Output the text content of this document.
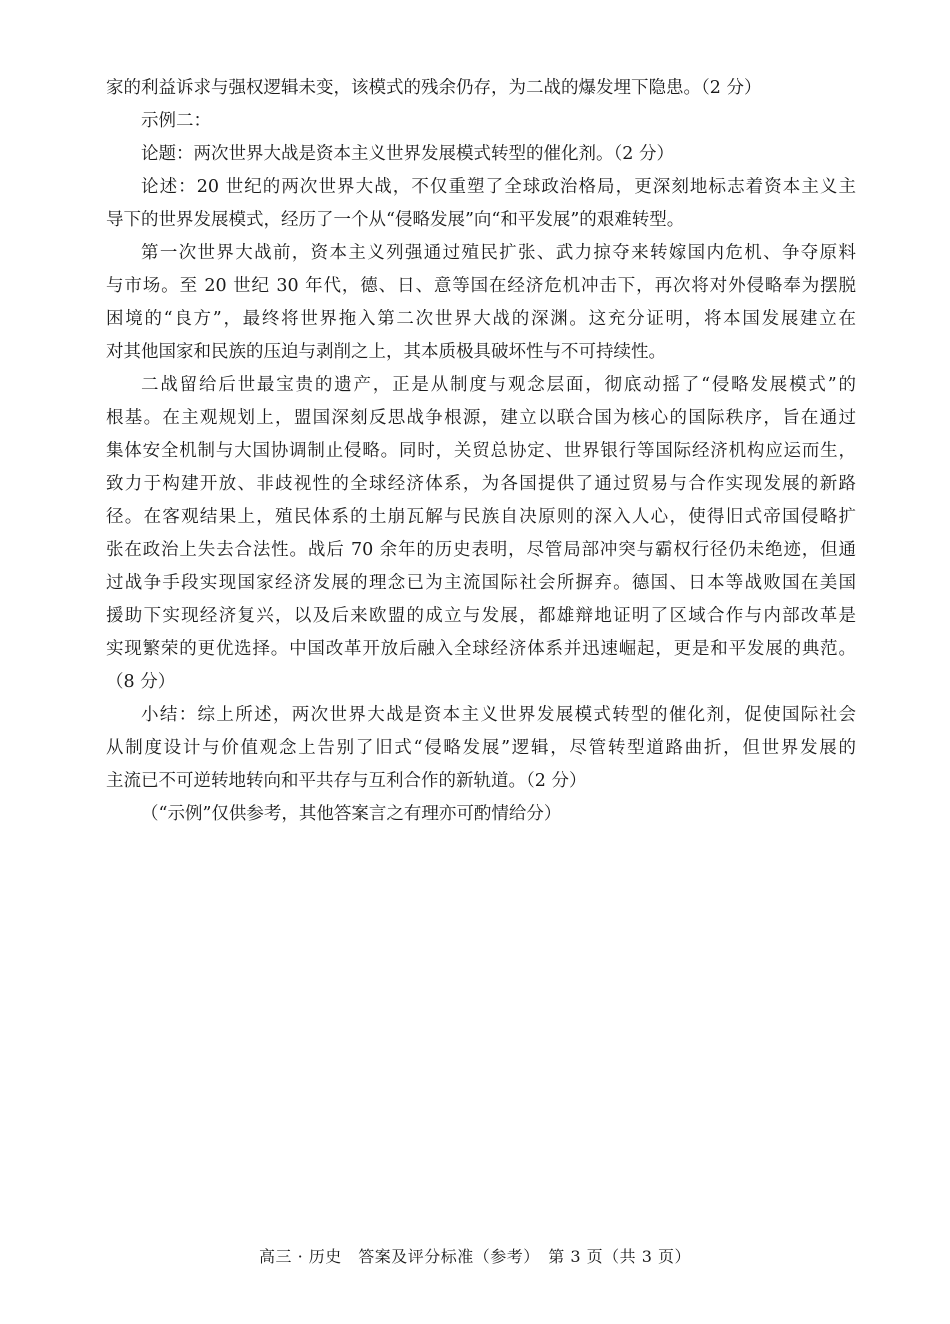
家的利益诉求与强权逻辑未变，该模式的残余仍存，为二战的爆发埋下隐患。（2 分）
示例二：
论题：两次世界大战是资本主义世界发展模式转型的催化剂。（2 分）
论述：20 世纪的两次世界大战，不仅重塑了全球政治格局，更深刻地标志着资本主义主
导下的世界发展模式，经历了一个从“侵略发展”向“和平发展”的艰难转型。
第一次世界大战前，资本主义列强通过殖民扩张、武力掠夺来转嫁国内危机、争夺原料
与市场。至 20 世纪 30 年代，德、日、意等国在经济危机冲击下，再次将对外侵略奉为摆脱
困境的“良方”，最终将世界拖入第二次世界大战的深渊。这充分证明，将本国发展建立在
对其他国家和民族的压迫与剥削之上，其本质极具破坏性与不可持续性。
二战留给后世最宝贵的遗产，正是从制度与观念层面，彻底动摇了“侵略发展模式”的
根基。在主观规划上，盟国深刻反思战争根源，建立以联合国为核心的国际秩序，旨在通过
集体安全机制与大国协调制止侵略。同时，关贸总协定、世界银行等国际经济机构应运而生，
致力于构建开放、非歧视性的全球经济体系，为各国提供了通过贸易与合作实现发展的新路
径。在客观结果上，殖民体系的土崩瓦解与民族自决原则的深入人心，使得旧式帝国侵略扩
张在政治上失去合法性。战后 70 余年的历史表明，尽管局部冲突与霸权行径仍未绝迹，但通
过战争手段实现国家经济发展的理念已为主流国际社会所摒弃。德国、日本等战败国在美国
援助下实现经济复兴，以及后来欧盟的成立与发展，都雄辩地证明了区域合作与内部改革是
实现繁荣的更优选择。中国改革开放后融入全球经济体系并迅速崛起，更是和平发展的典范。
（8 分）
小结：综上所述，两次世界大战是资本主义世界发展模式转型的催化剂，促使国际社会
从制度设计与价值观念上告别了旧式“侵略发展”逻辑，尽管转型道路曲折，但世界发展的
主流已不可逆转地转向和平共存与互利合作的新轨道。（2 分）
（“示例”仅供参考，其他答案言之有理亦可酌情给分）
高三 · 历史　答案及评分标准（参考）　第 3 页（共 3 页）
